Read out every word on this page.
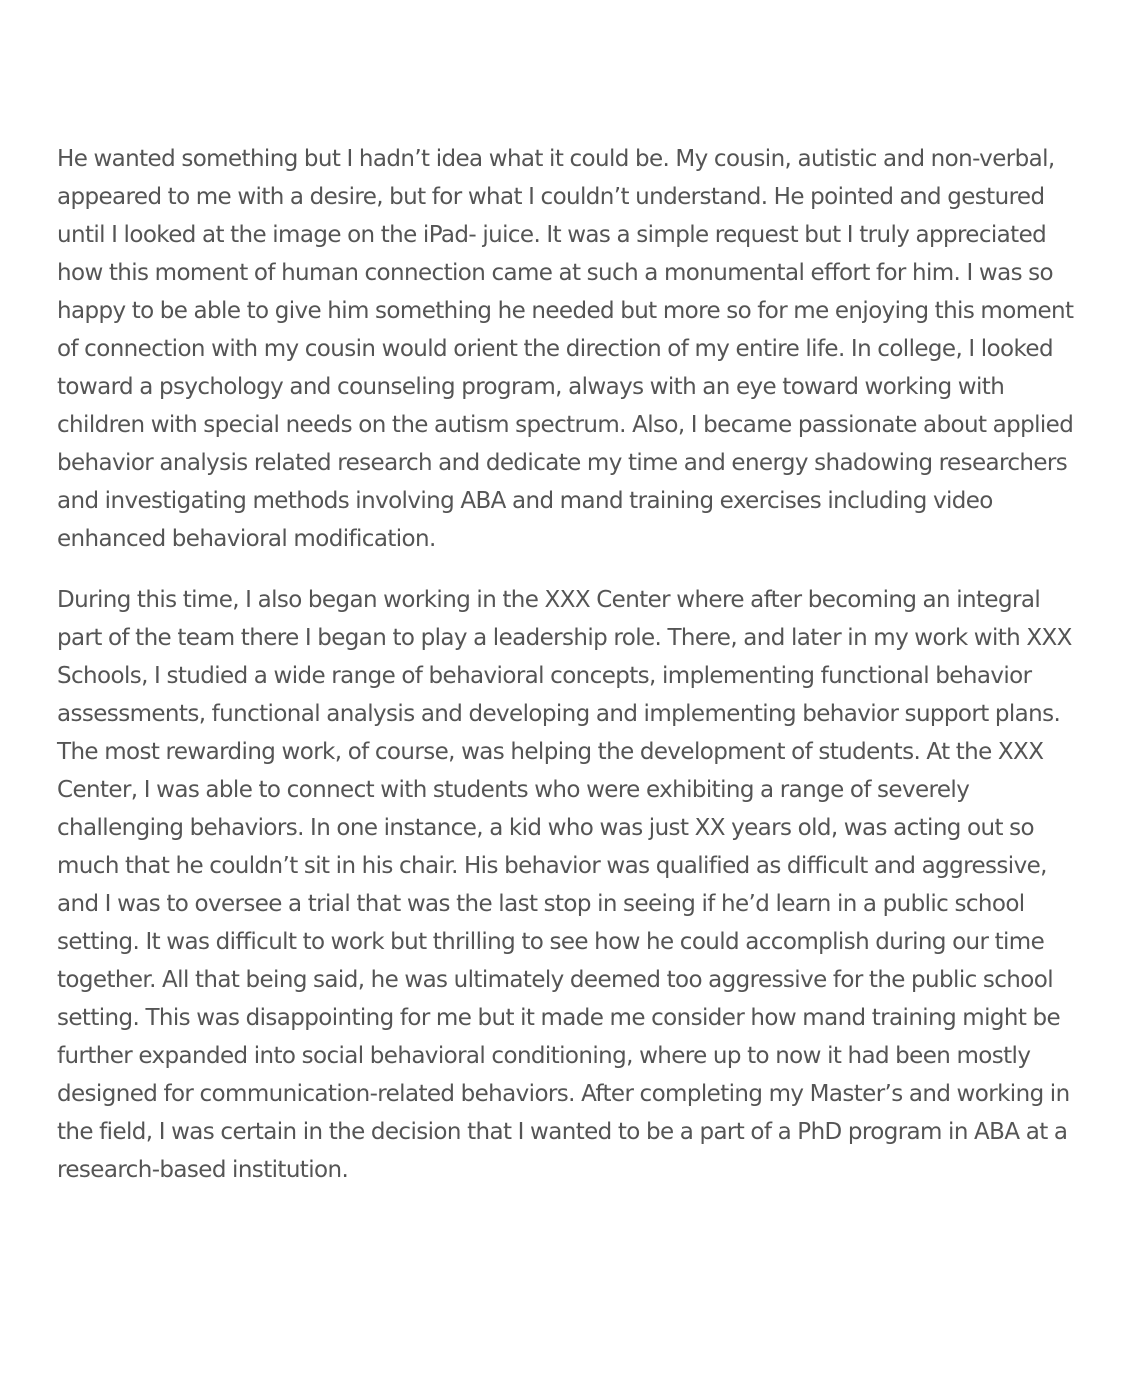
He wanted something but I hadn’t idea what it could be. My cousin, autistic and non-verbal, appeared to me with a desire, but for what I couldn’t understand. He pointed and gestured until I looked at the image on the iPad- juice. It was a simple request but I truly appreciated how this moment of human connection came at such a monumental effort for him. I was so happy to be able to give him something he needed but more so for me enjoying this moment of connection with my cousin would orient the direction of my entire life. In college, I looked toward a psychology and counseling program, always with an eye toward working with children with special needs on the autism spectrum. Also, I became passionate about applied behavior analysis related research and dedicate my time and energy shadowing researchers and investigating methods involving ABA and mand training exercises including video enhanced behavioral modification.

During this time, I also began working in the XXX Center where after becoming an integral part of the team there I began to play a leadership role. There, and later in my work with XXX Schools, I studied a wide range of behavioral concepts, implementing functional behavior assessments, functional analysis and developing and implementing behavior support plans. The most rewarding work, of course, was helping the development of students. At the XXX Center, I was able to connect with students who were exhibiting a range of severely challenging behaviors. In one instance, a kid who was just XX years old, was acting out so much that he couldn’t sit in his chair. His behavior was qualified as difficult and aggressive, and I was to oversee a trial that was the last stop in seeing if he’d learn in a public school setting. It was difficult to work but thrilling to see how he could accomplish during our time together. All that being said, he was ultimately deemed too aggressive for the public school setting. This was disappointing for me but it made me consider how mand training might be further expanded into social behavioral conditioning, where up to now it had been mostly designed for communication-related behaviors. After completing my Master’s and working in the field, I was certain in the decision that I wanted to be a part of a PhD program in ABA at a research-based institution.
